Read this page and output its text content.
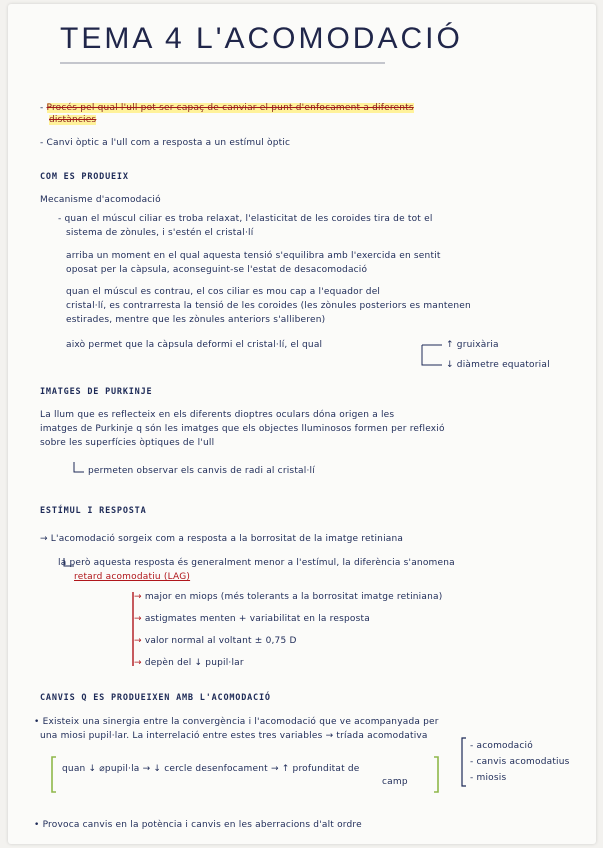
TEMA 4 L'ACOMODACIÓ
- Procés pel qual l'ull pot ser capaç de canviar el punt d'enfocament a diferents
distàncies
- Canvi òptic a l'ull com a resposta a un estímul òptic
COM ES PRODUEIX
Mecanisme d'acomodació
- quan el múscul ciliar es troba relaxat, l'elasticitat de les coroides tira de tot el
sistema de zònules, i s'estén el cristal·lí
arriba un moment en el qual aquesta tensió s'equilibra amb l'exercida en sentit
oposat per la càpsula, aconseguint-se l'estat de desacomodació
quan el múscul es contrau, el cos ciliar es mou cap a l'equador del
cristal·lí, es contrarresta la tensió de les coroides (les zònules posteriors es mantenen
estirades, mentre que les zònules anteriors s'alliberen)
això permet que la càpsula deformi el cristal·lí, el qual	↑ gruixària
↓ diàmetre equatorial
IMATGES DE PURKINJE
La llum que es reflecteix en els diferents dioptres oculars dóna origen a les
imatges de Purkinje q són les imatges que els objectes lluminosos formen per reflexió
sobre les superfícies òptiques de l'ull
permeten observar els canvis de radi al cristal·lí
ESTÍMUL I RESPOSTA
→ L'acomodació sorgeix com a resposta a la borrositat de la imatge retiniana
la però aquesta resposta és generalment menor a l'estímul, la diferència s'anomena
retard acomodatiu (LAG)
→ major en miops (més tolerants a la borrositat imatge retiniana)
→ astigmates menten + variabilitat en la resposta
→ valor normal al voltant ± 0,75 D
→ depèn del ↓ pupil·lar
CANVIS Q ES PRODUEIXEN AMB L'ACOMODACIÓ
• Existeix una sinergia entre la convergència i l'acomodació que ve acompanyada per
una miosi pupil·lar. La interrelació entre estes tres variables → tríada acomodativa
quan ↓ ⌀pupil·la → ↓ cercle desenfocament → ↑ profunditat de
camp
- acomodació
- canvis acomodatius
- miosis
• Provoca canvis en la potència i canvis en les aberracions d'alt ordre
